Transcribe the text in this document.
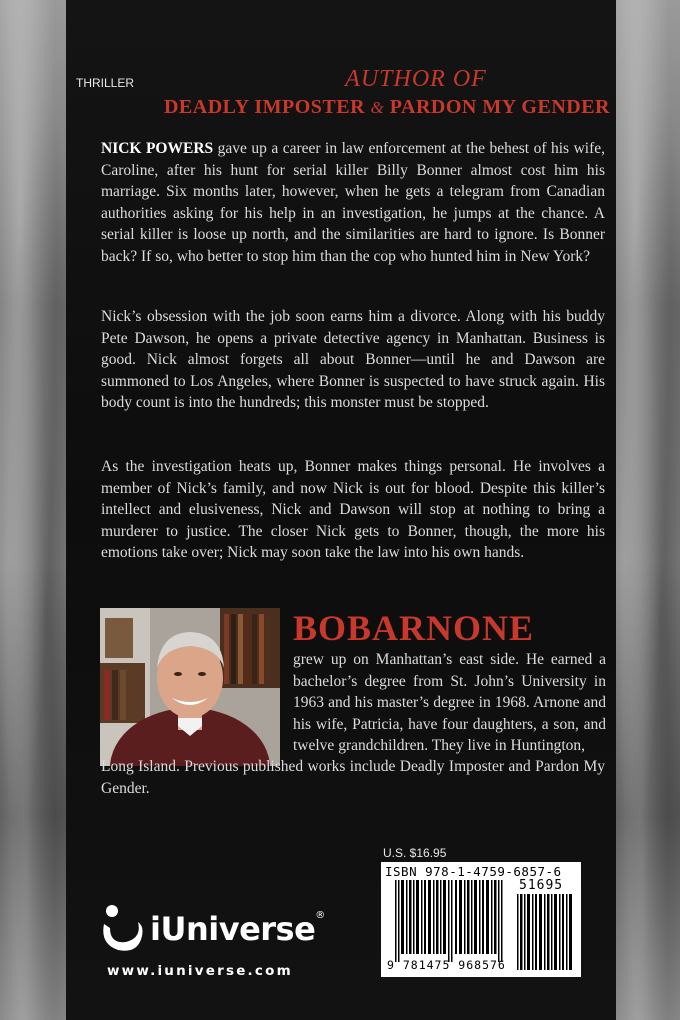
THRILLER	AUTHOR OF
DEADLY IMPOSTER & PARDON MY GENDER

NICK POWERS gave up a career in law enforcement at the behest of his wife, Caroline, after his hunt for serial killer Billy Bonner almost cost him his marriage. Six months later, however, when he gets a telegram from Canadian authorities asking for his help in an investigation, he jumps at the chance. A serial killer is loose up north, and the similarities are hard to ignore. Is Bonner back? If so, who better to stop him than the cop who hunted him in New York?

Nick’s obsession with the job soon earns him a divorce. Along with his buddy Pete Dawson, he opens a private detective agency in Manhattan. Business is good. Nick almost forgets all about Bonner—until he and Dawson are summoned to Los Angeles, where Bonner is suspected to have struck again. His body count is into the hundreds; this monster must be stopped.

As the investigation heats up, Bonner makes things personal. He involves a member of Nick’s family, and now Nick is out for blood. Despite this killer’s intellect and elusiveness, Nick and Dawson will stop at nothing to bring a murderer to justice. The closer Nick gets to Bonner, though, the more his emotions take over; Nick may soon take the law into his own hands.

BOBARNONE

grew up on Manhattan’s east side. He earned a bachelor’s degree from St. John’s University in 1963 and his master’s degree in 1968. Arnone and his wife, Patricia, have four daughters, a son, and twelve grandchildren. They live in Huntington,

Long Island. Previous published works include Deadly Imposter and Pardon My Gender.

U.S. $16.95
ISBN 978-1-4759-6857-6
51695
9 781475 968576
iUniverse®
www.iuniverse.com
